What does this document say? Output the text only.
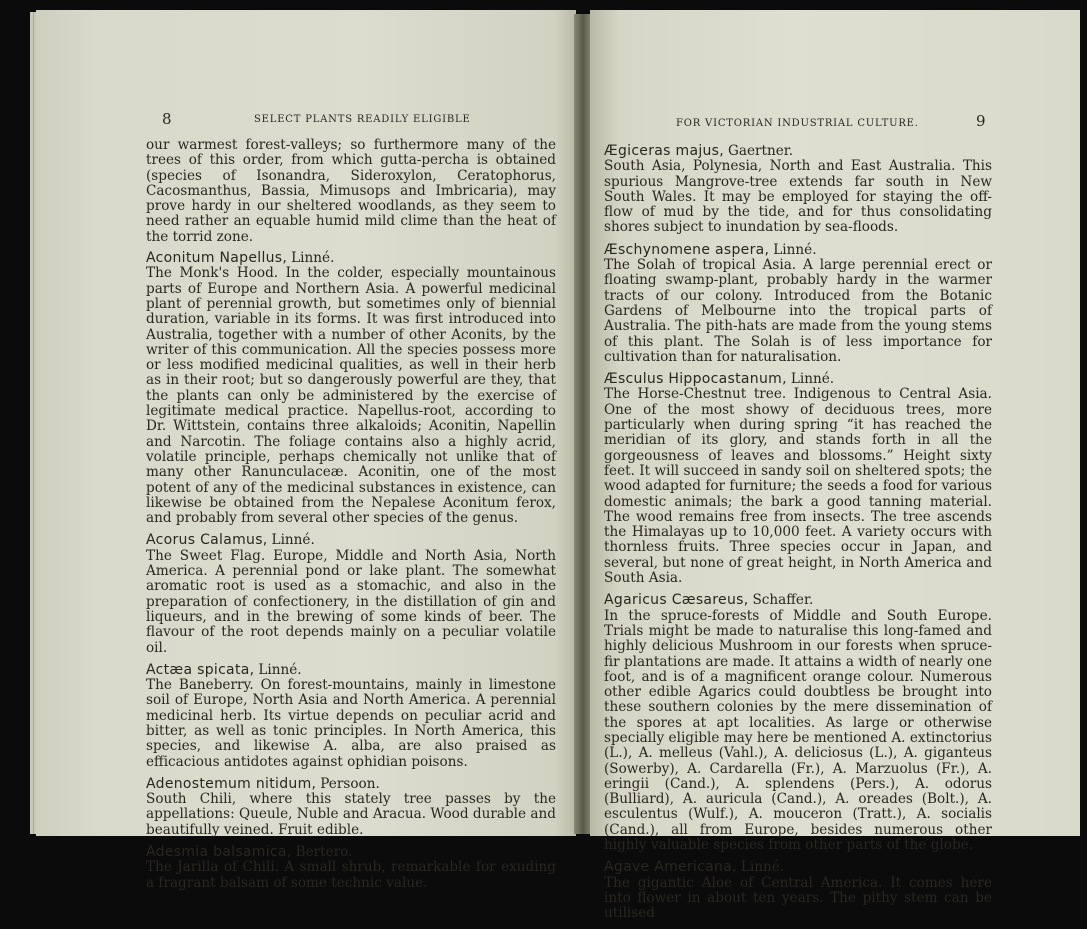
8	SELECT PLANTS READILY ELIGIBLE

our warmest forest-valleys; so furthermore many of the trees of this order, from which gutta-percha is obtained (species of Isonandra, Sideroxylon, Ceratophorus, Cacosmanthus, Bassia, Mimusops and Imbricaria), may prove hardy in our sheltered woodlands, as they seem to need rather an equable humid mild clime than the heat of the torrid zone.

Aconitum Napellus, Linné.

The Monk's Hood. In the colder, especially mountainous parts of Europe and Northern Asia. A powerful medicinal plant of perennial growth, but sometimes only of biennial duration, variable in its forms. It was first introduced into Australia, together with a number of other Aconits, by the writer of this communication. All the species possess more or less modified medicinal qualities, as well in their herb as in their root; but so dangerously powerful are they, that the plants can only be administered by the exercise of legitimate medical practice. Napellus-root, according to Dr. Wittstein, contains three alkaloids; Aconitin, Napellin and Narcotin. The foliage contains also a highly acrid, volatile principle, perhaps chemically not unlike that of many other Ranunculaceæ. Aconitin, one of the most potent of any of the medicinal substances in existence, can likewise be obtained from the Nepalese Aconitum ferox, and probably from several other species of the genus.

Acorus Calamus, Linné.

The Sweet Flag. Europe, Middle and North Asia, North America. A perennial pond or lake plant. The somewhat aromatic root is used as a stomachic, and also in the preparation of confectionery, in the distillation of gin and liqueurs, and in the brewing of some kinds of beer. The flavour of the root depends mainly on a peculiar volatile oil.

Actæa spicata, Linné.

The Baneberry. On forest-mountains, mainly in limestone soil of Europe, North Asia and North America. A perennial medicinal herb. Its virtue depends on peculiar acrid and bitter, as well as tonic principles. In North America, this species, and likewise A. alba, are also praised as efficacious antidotes against ophidian poisons.

Adenostemum nitidum, Persoon.

South Chili, where this stately tree passes by the appellations: Queule, Nuble and Aracua. Wood durable and beautifully veined. Fruit edible.

Adesmia balsamica, Bertero.

The Jarilla of Chili. A small shrub, remarkable for exuding a fragrant balsam of some technic value.

FOR VICTORIAN INDUSTRIAL CULTURE.	9
Ægiceras majus, Gaertner.

South Asia, Polynesia, North and East Australia. This spurious Mangrove-tree extends far south in New South Wales. It may be employed for staying the off-flow of mud by the tide, and for thus consolidating shores subject to inundation by sea-floods.

Æschynomene aspera, Linné.

The Solah of tropical Asia. A large perennial erect or floating swamp-plant, probably hardy in the warmer tracts of our colony. Introduced from the Botanic Gardens of Melbourne into the tropical parts of Australia. The pith-hats are made from the young stems of this plant. The Solah is of less importance for cultivation than for naturalisation.

Æsculus Hippocastanum, Linné.

The Horse-Chestnut tree. Indigenous to Central Asia. One of the most showy of deciduous trees, more particularly when during spring “it has reached the meridian of its glory, and stands forth in all the gorgeousness of leaves and blossoms.” Height sixty feet. It will succeed in sandy soil on sheltered spots; the wood adapted for furniture; the seeds a food for various domestic animals; the bark a good tanning material. The wood remains free from insects. The tree ascends the Himalayas up to 10,000 feet. A variety occurs with thornless fruits. Three species occur in Japan, and several, but none of great height, in North America and South Asia.

Agaricus Cæsareus, Schaffer.

In the spruce-forests of Middle and South Europe. Trials might be made to naturalise this long-famed and highly delicious Mushroom in our forests when spruce-fir plantations are made. It attains a width of nearly one foot, and is of a magnificent orange colour. Numerous other edible Agarics could doubtless be brought into these southern colonies by the mere dissemination of the spores at apt localities. As large or otherwise specially eligible may here be mentioned A. extinctorius (L.), A. melleus (Vahl.), A. deliciosus (L.), A. giganteus (Sowerby), A. Cardarella (Fr.), A. Marzuolus (Fr.), A. eringii (Cand.), A. splendens (Pers.), A. odorus (Bulliard), A. auricula (Cand.), A. oreades (Bolt.), A. esculentus (Wulf.), A. mouceron (Tratt.), A. socialis (Cand.), all from Europe, besides numerous other highly valuable species from other parts of the globe.

Agave Americana, Linné.

The gigantic Aloe of Central America. It comes here into flower in about ten years. The pithy stem can be utilised
